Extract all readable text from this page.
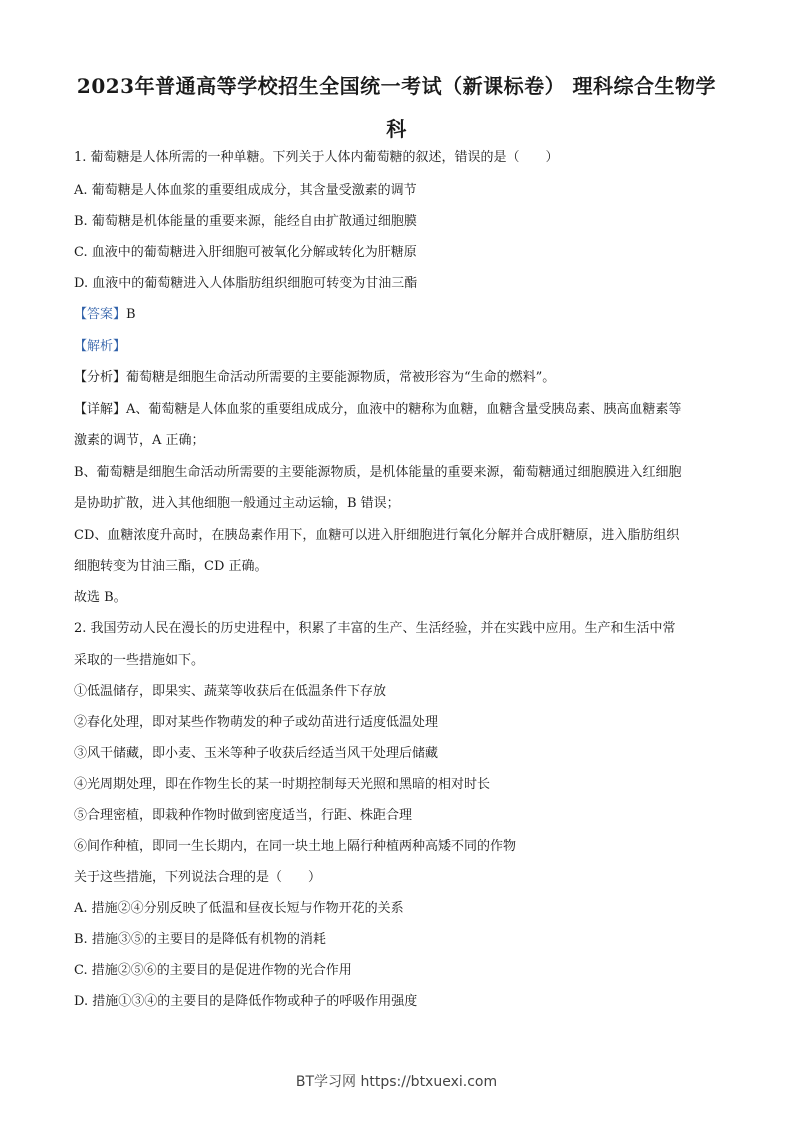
2023年普通高等学校招生全国统一考试（新课标卷） 理科综合生物学
科
1. 葡萄糖是人体所需的一种单糖。下列关于人体内葡萄糖的叙述，错误的是（　　）
A. 葡萄糖是人体血浆的重要组成成分，其含量受激素的调节
B. 葡萄糖是机体能量的重要来源，能经自由扩散通过细胞膜
C. 血液中的葡萄糖进入肝细胞可被氧化分解或转化为肝糖原
D. 血液中的葡萄糖进入人体脂肪组织细胞可转变为甘油三酯
【答案】B
【解析】
【分析】葡萄糖是细胞生命活动所需要的主要能源物质，常被形容为“生命的燃料”。
【详解】A、葡萄糖是人体血浆的重要组成成分，血液中的糖称为血糖，血糖含量受胰岛素、胰高血糖素等
激素的调节，A 正确；
B、葡萄糖是细胞生命活动所需要的主要能源物质，是机体能量的重要来源，葡萄糖通过细胞膜进入红细胞
是协助扩散，进入其他细胞一般通过主动运输，B 错误；
CD、血糖浓度升高时，在胰岛素作用下，血糖可以进入肝细胞进行氧化分解并合成肝糖原，进入脂肪组织
细胞转变为甘油三酯，CD 正确。
故选 B。
2. 我国劳动人民在漫长的历史进程中，积累了丰富的生产、生活经验，并在实践中应用。生产和生活中常
采取的一些措施如下。
①低温储存，即果实、蔬菜等收获后在低温条件下存放
②春化处理，即对某些作物萌发的种子或幼苗进行适度低温处理
③风干储藏，即小麦、玉米等种子收获后经适当风干处理后储藏
④光周期处理，即在作物生长的某一时期控制每天光照和黑暗的相对时长
⑤合理密植，即栽种作物时做到密度适当，行距、株距合理
⑥间作种植，即同一生长期内，在同一块土地上隔行种植两种高矮不同的作物
关于这些措施，下列说法合理的是（　　）
A. 措施②④分别反映了低温和昼夜长短与作物开花的关系
B. 措施③⑤的主要目的是降低有机物的消耗
C. 措施②⑤⑥的主要目的是促进作物的光合作用
D. 措施①③④的主要目的是降低作物或种子的呼吸作用强度
BT学习网 https://btxuexi.com
